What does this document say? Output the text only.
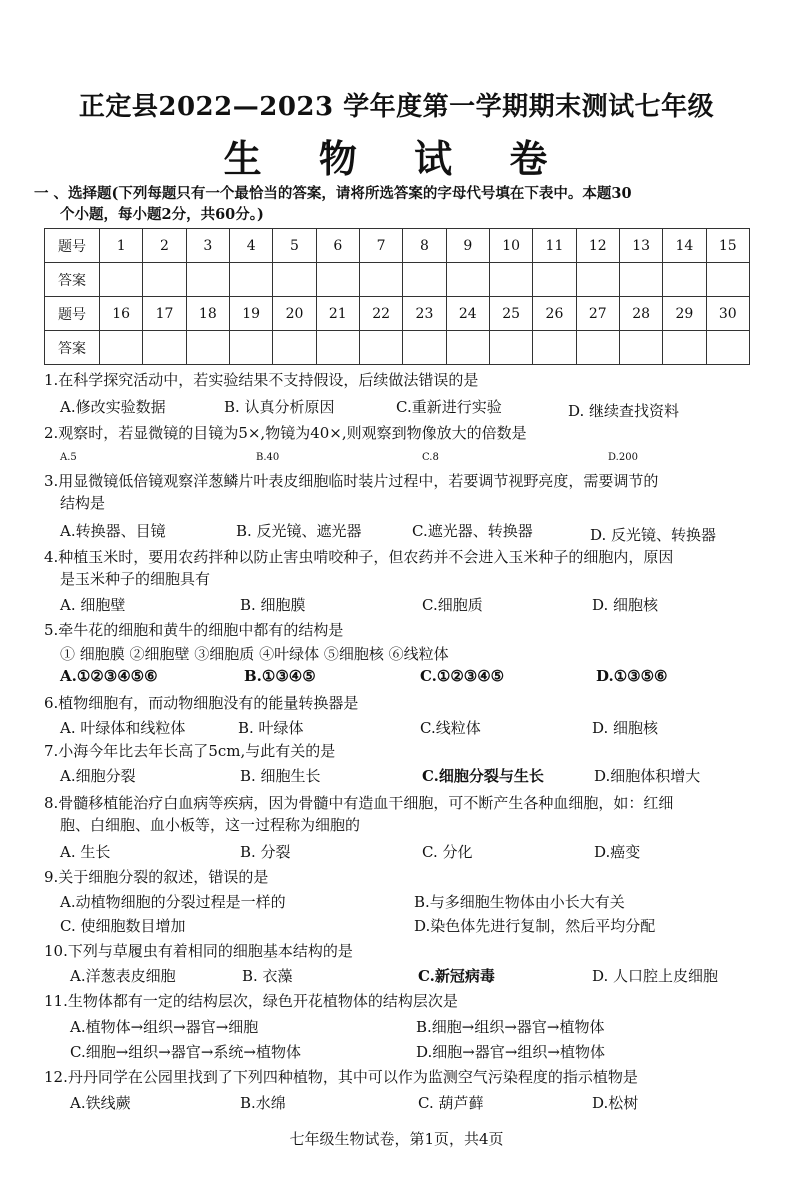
正定县2022—2023 学年度第一学期期末测试七年级
生 物 试 卷
一 、选择题(下列每题只有一个最恰当的答案，请将所选答案的字母代号填在下表中。本题30
个小题，每小题2分，共60分。)
题号	1	2	3	4	5	6	7	8	9	10	11	12	13	14	15
答案															
题号	16	17	18	19	20	21	22	23	24	25	26	27	28	29	30
答案															
1.在科学探究活动中，若实验结果不支持假设，后续做法错误的是
A.修改实验数据	B. 认真分析原因	C.重新进行实验	D. 继续查找资料
2.观察时，若显微镜的目镜为5×,物镜为40×,则观察到物像放大的倍数是
A.5	B.40	C.8	D.200
3.用显微镜低倍镜观察洋葱鳞片叶表皮细胞临时装片过程中，若要调节视野亮度，需要调节的
结构是
A.转换器、目镜	B. 反光镜、遮光器	C.遮光器、转换器	D. 反光镜、转换器
4.种植玉米时，要用农药拌种以防止害虫啃咬种子，但农药并不会进入玉米种子的细胞内，原因
是玉米种子的细胞具有
A. 细胞壁	B. 细胞膜	C.细胞质	D. 细胞核
5.牵牛花的细胞和黄牛的细胞中都有的结构是
① 细胞膜 ②细胞壁 ③细胞质 ④叶绿体 ⑤细胞核 ⑥线粒体
A.①②③④⑤⑥	B.①③④⑤	C.①②③④⑤	D.①③⑤⑥
6.植物细胞有，而动物细胞没有的能量转换器是
A. 叶绿体和线粒体	B. 叶绿体	C.线粒体	D. 细胞核
7.小海今年比去年长高了5cm,与此有关的是
A.细胞分裂	B. 细胞生长	C.细胞分裂与生长	D.细胞体积增大
8.骨髓移植能治疗白血病等疾病，因为骨髓中有造血干细胞，可不断产生各种血细胞，如：红细
胞、白细胞、血小板等，这一过程称为细胞的
A. 生长	B. 分裂	C. 分化	D.癌变
9.关于细胞分裂的叙述，错误的是
A.动植物细胞的分裂过程是一样的	B.与多细胞生物体由小长大有关
C. 使细胞数目增加	D.染色体先进行复制，然后平均分配
10.下列与草履虫有着相同的细胞基本结构的是
A.洋葱表皮细胞	B. 衣藻	C.新冠病毒	D. 人口腔上皮细胞
11.生物体都有一定的结构层次，绿色开花植物体的结构层次是
A.植物体→组织→器官→细胞	B.细胞→组织→器官→植物体
C.细胞→组织→器官→系统→植物体	D.细胞→器官→组织→植物体
12.丹丹同学在公园里找到了下列四种植物，其中可以作为监测空气污染程度的指示植物是
A.铁线蕨	B.水绵	C. 葫芦藓	D.松树
七年级生物试卷，第1页，共4页
